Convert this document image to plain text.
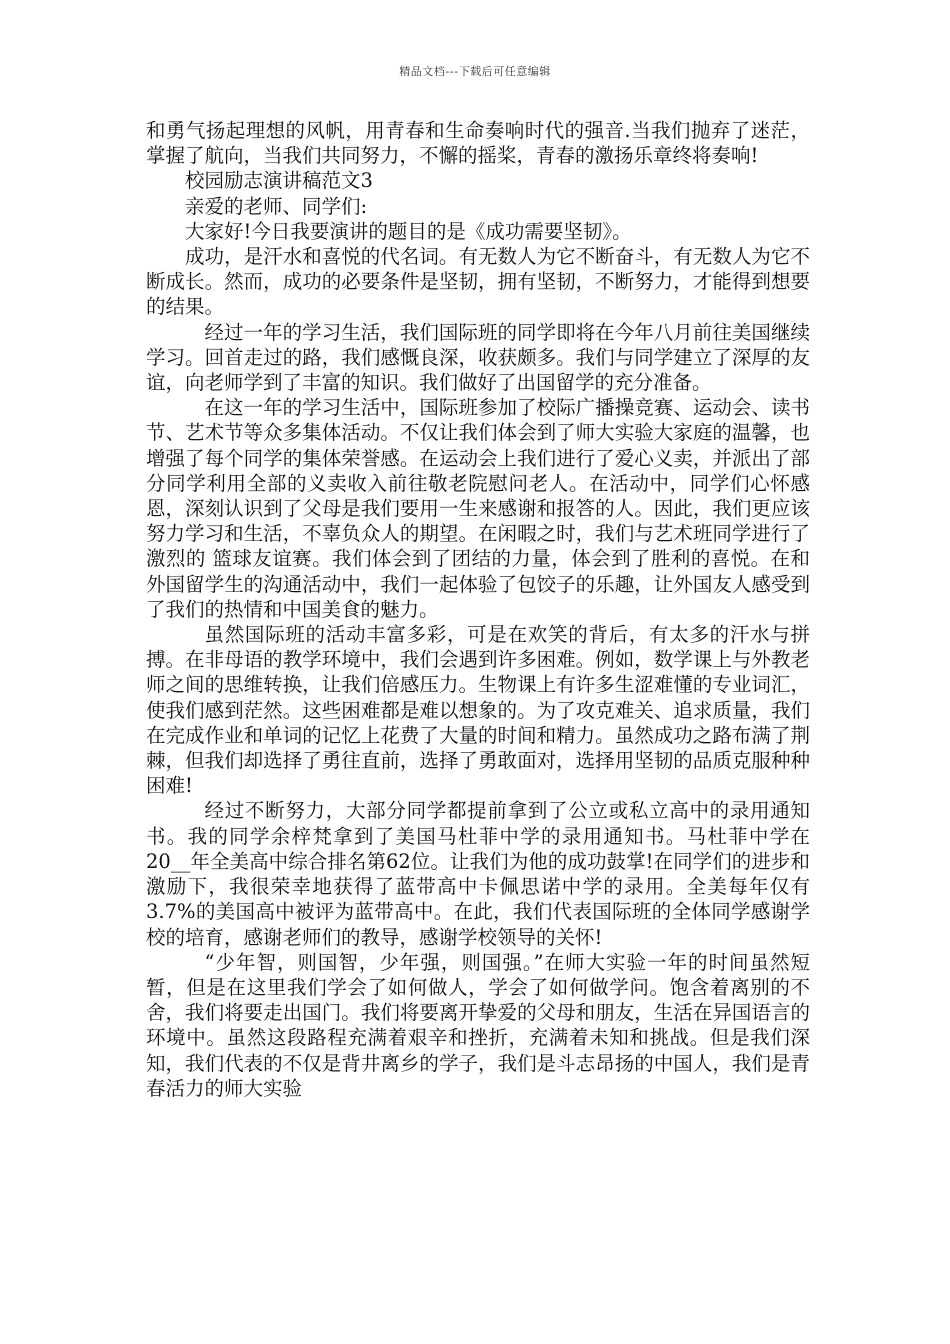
精品文档---下载后可任意编辑

和勇气扬起理想的风帆，用青春和生命奏响时代的强音.当我们抛弃了迷茫，掌握了航向，当我们共同努力，不懈的摇桨，青春的激扬乐章终将奏响!

校园励志演讲稿范文3

亲爱的老师、同学们:

大家好!今日我要演讲的题目的是《成功需要坚韧》。

成功，是汗水和喜悦的代名词。有无数人为它不断奋斗，有无数人为它不断成长。然而，成功的必要条件是坚韧，拥有坚韧，不断努力，才能得到想要的结果。

经过一年的学习生活，我们国际班的同学即将在今年八月前往美国继续学习。回首走过的路，我们感慨良深，收获颇多。我们与同学建立了深厚的友谊，向老师学到了丰富的知识。我们做好了出国留学的充分准备。

在这一年的学习生活中，国际班参加了校际广播操竞赛、运动会、读书节、艺术节等众多集体活动。不仅让我们体会到了师大实验大家庭的温馨，也增强了每个同学的集体荣誉感。在运动会上我们进行了爱心义卖，并派出了部分同学利用全部的义卖收入前往敬老院慰问老人。在活动中，同学们心怀感恩，深刻认识到了父母是我们要用一生来感谢和报答的人。因此，我们更应该努力学习和生活，不辜负众人的期望。在闲暇之时，我们与艺术班同学进行了激烈的 篮球友谊赛。我们体会到了团结的力量，体会到了胜利的喜悦。在和外国留学生的沟通活动中，我们一起体验了包饺子的乐趣，让外国友人感受到了我们的热情和中国美食的魅力。

虽然国际班的活动丰富多彩，可是在欢笑的背后，有太多的汗水与拼搏。在非母语的教学环境中，我们会遇到许多困难。例如，数学课上与外教老师之间的思维转换，让我们倍感压力。生物课上有许多生涩难懂的专业词汇，使我们感到茫然。这些困难都是难以想象的。为了攻克难关、追求质量，我们在完成作业和单词的记忆上花费了大量的时间和精力。虽然成功之路布满了荆棘，但我们却选择了勇往直前，选择了勇敢面对，选择用坚韧的品质克服种种困难!

经过不断努力，大部分同学都提前拿到了公立或私立高中的录用通知书。我的同学余梓梵拿到了美国马杜菲中学的录用通知书。马杜菲中学在20__年全美高中综合排名第62位。让我们为他的成功鼓掌!在同学们的进步和激励下，我很荣幸地获得了蓝带高中卡佩思诺中学的录用。全美每年仅有3.7%的美国高中被评为蓝带高中。在此，我们代表国际班的全体同学感谢学校的培育，感谢老师们的教导，感谢学校领导的关怀!

“少年智，则国智，少年强，则国强。”在师大实验一年的时间虽然短暂，但是在这里我们学会了如何做人，学会了如何做学问。饱含着离别的不舍，我们将要走出国门。我们将要离开挚爱的父母和朋友，生活在异国语言的环境中。虽然这段路程充满着艰辛和挫折，充满着未知和挑战。但是我们深知，我们代表的不仅是背井离乡的学子，我们是斗志昂扬的中国人，我们是青春活力的师大实验
